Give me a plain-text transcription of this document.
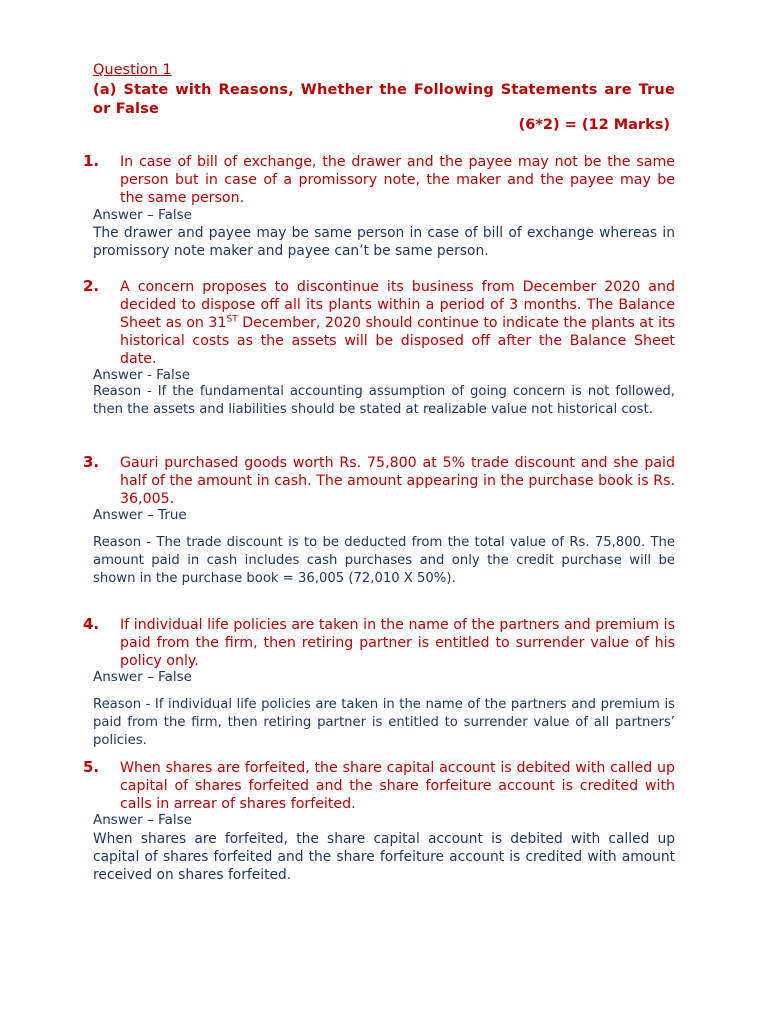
Question 1
(a) State with Reasons, Whether the Following Statements are True or False
(6*2) = (12 Marks)
1. In case of bill of exchange, the drawer and the payee may not be the same person but in case of a promissory note, the maker and the payee may be the same person.
Answer – False
The drawer and payee may be same person in case of bill of exchange whereas in promissory note maker and payee can’t be same person.
2. A concern proposes to discontinue its business from December 2020 and decided to dispose off all its plants within a period of 3 months. The Balance Sheet as on 31ST December, 2020 should continue to indicate the plants at its historical costs as the assets will be disposed off after the Balance Sheet date.
Answer - False
Reason - If the fundamental accounting assumption of going concern is not followed, then the assets and liabilities should be stated at realizable value not historical cost.
3. Gauri purchased goods worth Rs. 75,800 at 5% trade discount and she paid half of the amount in cash. The amount appearing in the purchase book is Rs. 36,005.
Answer – True
Reason - The trade discount is to be deducted from the total value of Rs. 75,800. The amount paid in cash includes cash purchases and only the credit purchase will be shown in the purchase book = 36,005 (72,010 X 50%).
4. If individual life policies are taken in the name of the partners and premium is paid from the firm, then retiring partner is entitled to surrender value of his policy only.
Answer – False
Reason - If individual life policies are taken in the name of the partners and premium is paid from the firm, then retiring partner is entitled to surrender value of all partners’ policies.
5. When shares are forfeited, the share capital account is debited with called up capital of shares forfeited and the share forfeiture account is credited with calls in arrear of shares forfeited.
Answer – False
When shares are forfeited, the share capital account is debited with called up capital of shares forfeited and the share forfeiture account is credited with amount received on shares forfeited.
